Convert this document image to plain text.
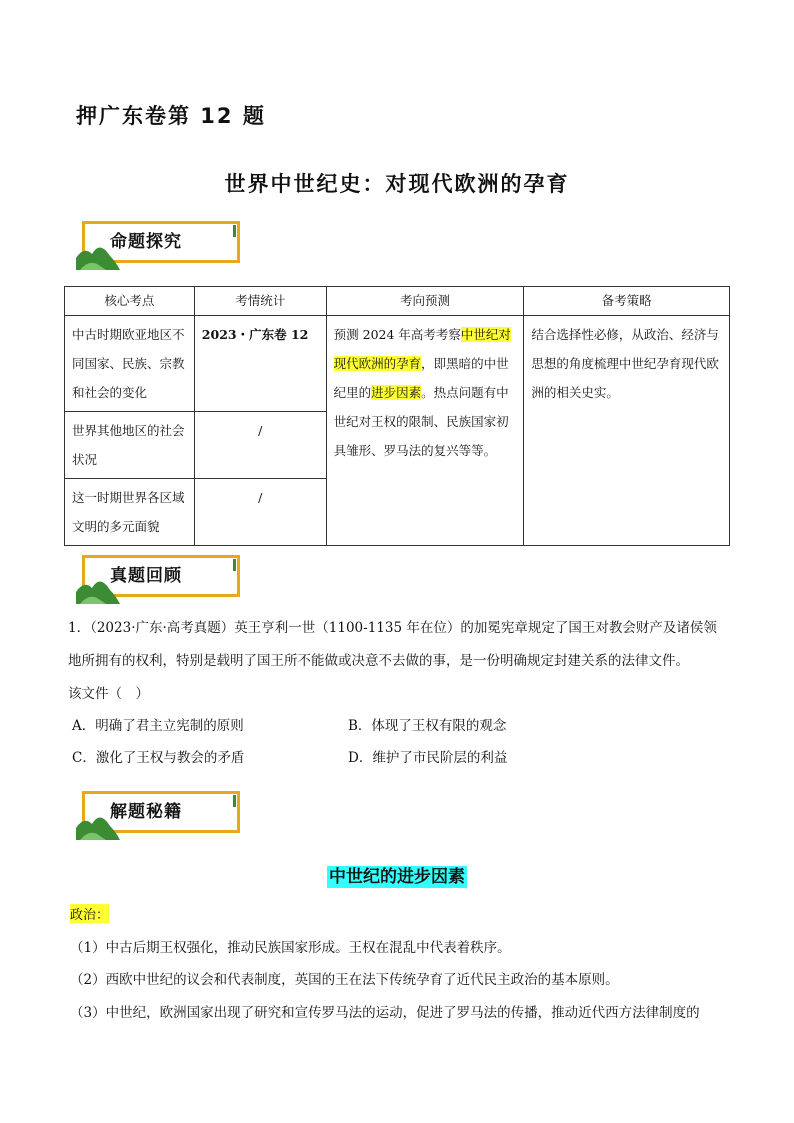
押广东卷第 12 题
世界中世纪史：对现代欧洲的孕育
命题探究
核心考点	考情统计	考向预测	备考策略
中古时期欧亚地区不同国家、民族、宗教和社会的变化	2023・广东卷 12	预测 2024 年高考考察中世纪对现代欧洲的孕育，即黑暗的中世纪里的进步因素。热点问题有中世纪对王权的限制、民族国家初具雏形、罗马法的复兴等等。	结合选择性必修，从政治、经济与思想的角度梳理中世纪孕育现代欧洲的相关史实。
世界其他地区的社会状况	/		
这一时期世界各区域文明的多元面貌	/		
真题回顾
1．（2023·广东·高考真题）英王亨利一世（1100-1135 年在位）的加冕宪章规定了国王对教会财产及诸侯领
地所拥有的权利，特别是载明了国王所不能做或决意不去做的事，是一份明确规定封建关系的法律文件。
该文件（　）
A．明确了君主立宪制的原则	B．体现了王权有限的观念
C．激化了王权与教会的矛盾	D．维护了市民阶层的利益
解题秘籍
中世纪的进步因素
政治：
（1）中古后期王权强化，推动民族国家形成。王权在混乱中代表着秩序。
（2）西欧中世纪的议会和代表制度，英国的王在法下传统孕育了近代民主政治的基本原则。
（3）中世纪，欧洲国家出现了研究和宣传罗马法的运动，促进了罗马法的传播，推动近代西方法律制度的
